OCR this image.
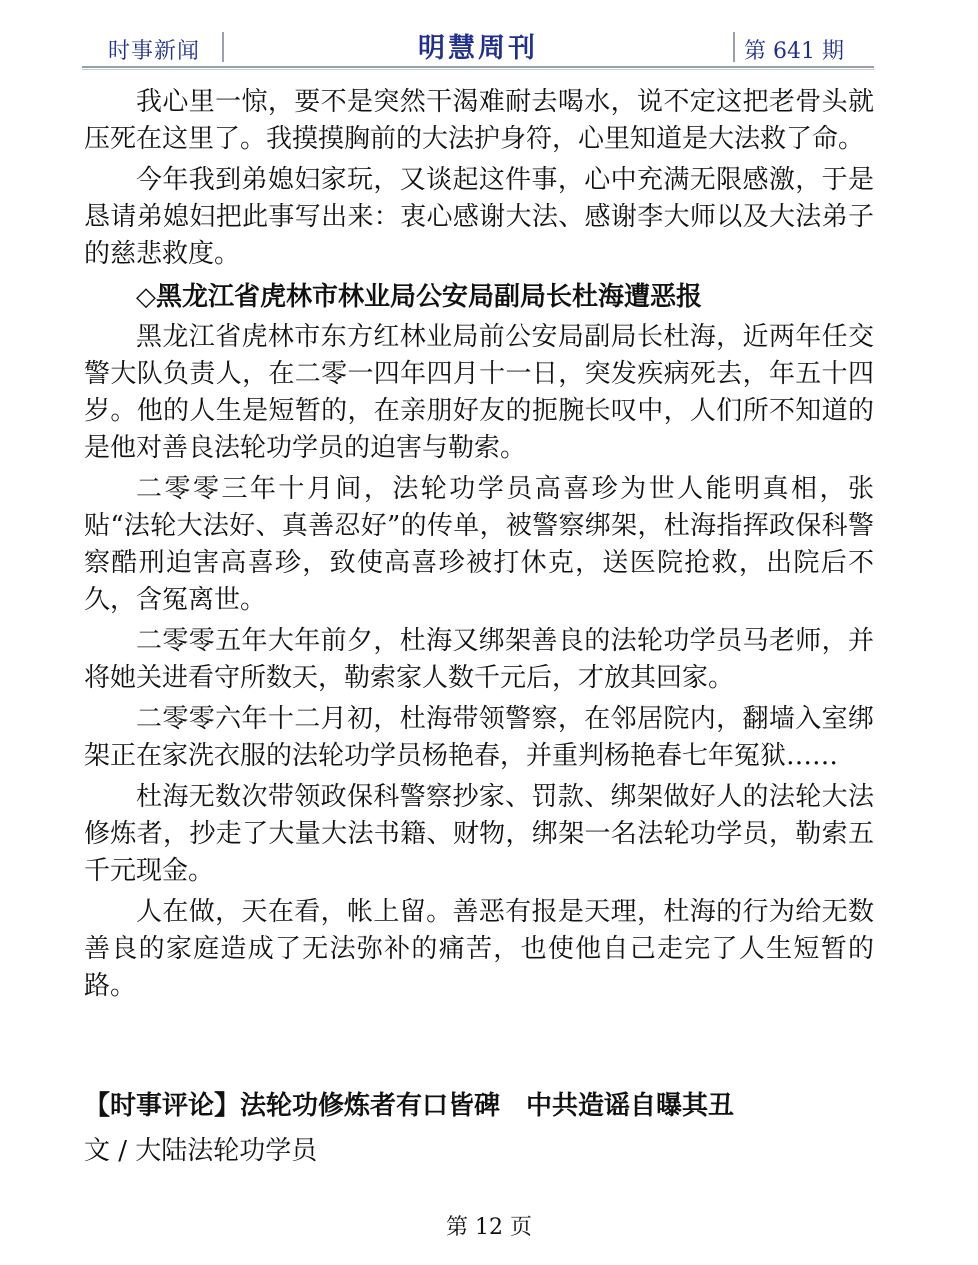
时事新闻	明慧周刊	第 641 期

我心里一惊，要不是突然干渴难耐去喝水，说不定这把老骨头就压死在这里了。我摸摸胸前的大法护身符，心里知道是大法救了命。

今年我到弟媳妇家玩，又谈起这件事，心中充满无限感激，于是恳请弟媳妇把此事写出来：衷心感谢大法、感谢李大师以及大法弟子的慈悲救度。

◇黑龙江省虎林市林业局公安局副局长杜海遭恶报

黑龙江省虎林市东方红林业局前公安局副局长杜海，近两年任交警大队负责人，在二零一四年四月十一日，突发疾病死去，年五十四岁。他的人生是短暂的，在亲朋好友的扼腕长叹中，人们所不知道的是他对善良法轮功学员的迫害与勒索。

二零零三年十月间，法轮功学员高喜珍为世人能明真相，张贴“法轮大法好、真善忍好”的传单，被警察绑架，杜海指挥政保科警察酷刑迫害高喜珍，致使高喜珍被打休克，送医院抢救，出院后不久，含冤离世。

二零零五年大年前夕，杜海又绑架善良的法轮功学员马老师，并将她关进看守所数天，勒索家人数千元后，才放其回家。

二零零六年十二月初，杜海带领警察，在邻居院内，翻墙入室绑架正在家洗衣服的法轮功学员杨艳春，并重判杨艳春七年冤狱……

杜海无数次带领政保科警察抄家、罚款、绑架做好人的法轮大法修炼者，抄走了大量大法书籍、财物，绑架一名法轮功学员，勒索五千元现金。

人在做，天在看，帐上留。善恶有报是天理，杜海的行为给无数善良的家庭造成了无法弥补的痛苦，也使他自己走完了人生短暂的路。

【时事评论】法轮功修炼者有口皆碑　中共造谣自曝其丑
文 / 大陆法轮功学员
第 12 页
